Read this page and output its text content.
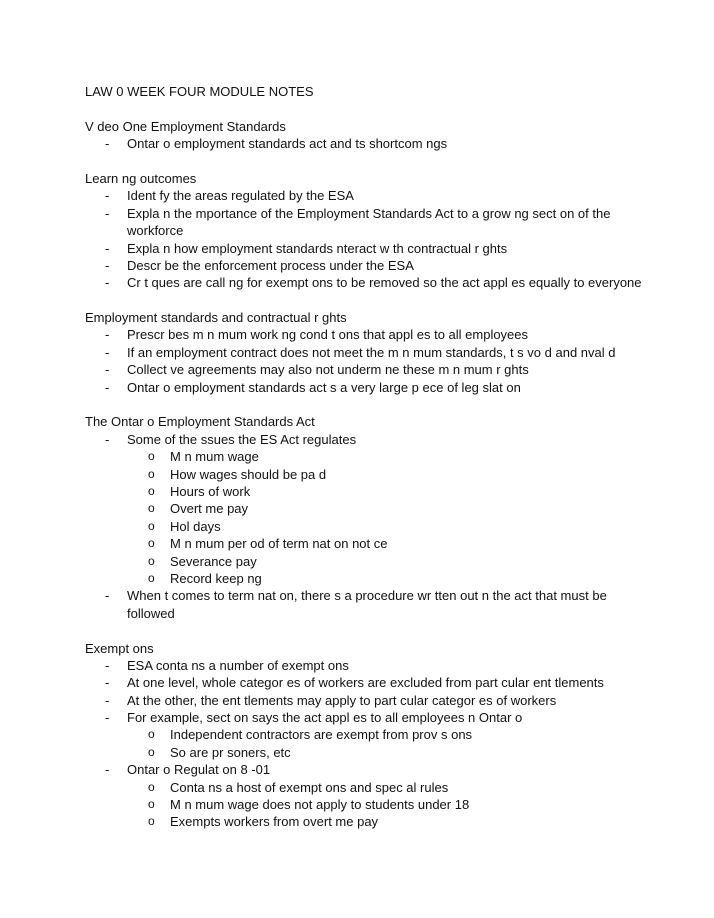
LAW 0 WEEK FOUR MODULE NOTES
V deo One Employment Standards
- Ontar o employment standards act and ts shortcom ngs
Learn ng outcomes
- Ident fy the areas regulated by the ESA
- Expla n the mportance of the Employment Standards Act to a grow ng sect on of the
workforce
- Expla n how employment standards nteract w th contractual r ghts
- Descr be the enforcement process under the ESA
- Cr t ques are call ng for exempt ons to be removed so the act appl es equally to everyone
Employment standards and contractual r ghts
- Prescr bes m n mum work ng cond t ons that appl es to all employees
- If an employment contract does not meet the m n mum standards, t s vo d and nval d
- Collect ve agreements may also not underm ne these m n mum r ghts
- Ontar o employment standards act s a very large p ece of leg slat on
The Ontar o Employment Standards Act
- Some of the ssues the ES Act regulates
o M n mum wage
o How wages should be pa d
o Hours of work
o Overt me pay
o Hol days
o M n mum per od of term nat on not ce
o Severance pay
o Record keep ng
- When t comes to term nat on, there s a procedure wr tten out n the act that must be
followed
Exempt ons
- ESA conta ns a number of exempt ons
- At one level, whole categor es of workers are excluded from part cular ent tlements
- At the other, the ent tlements may apply to part cular categor es of workers
- For example, sect on says the act appl es to all employees n Ontar o
o Independent contractors are exempt from prov s ons
o So are pr soners, etc
- Ontar o Regulat on 8 -01
o Conta ns a host of exempt ons and spec al rules
o M n mum wage does not apply to students under 18
o Exempts workers from overt me pay
